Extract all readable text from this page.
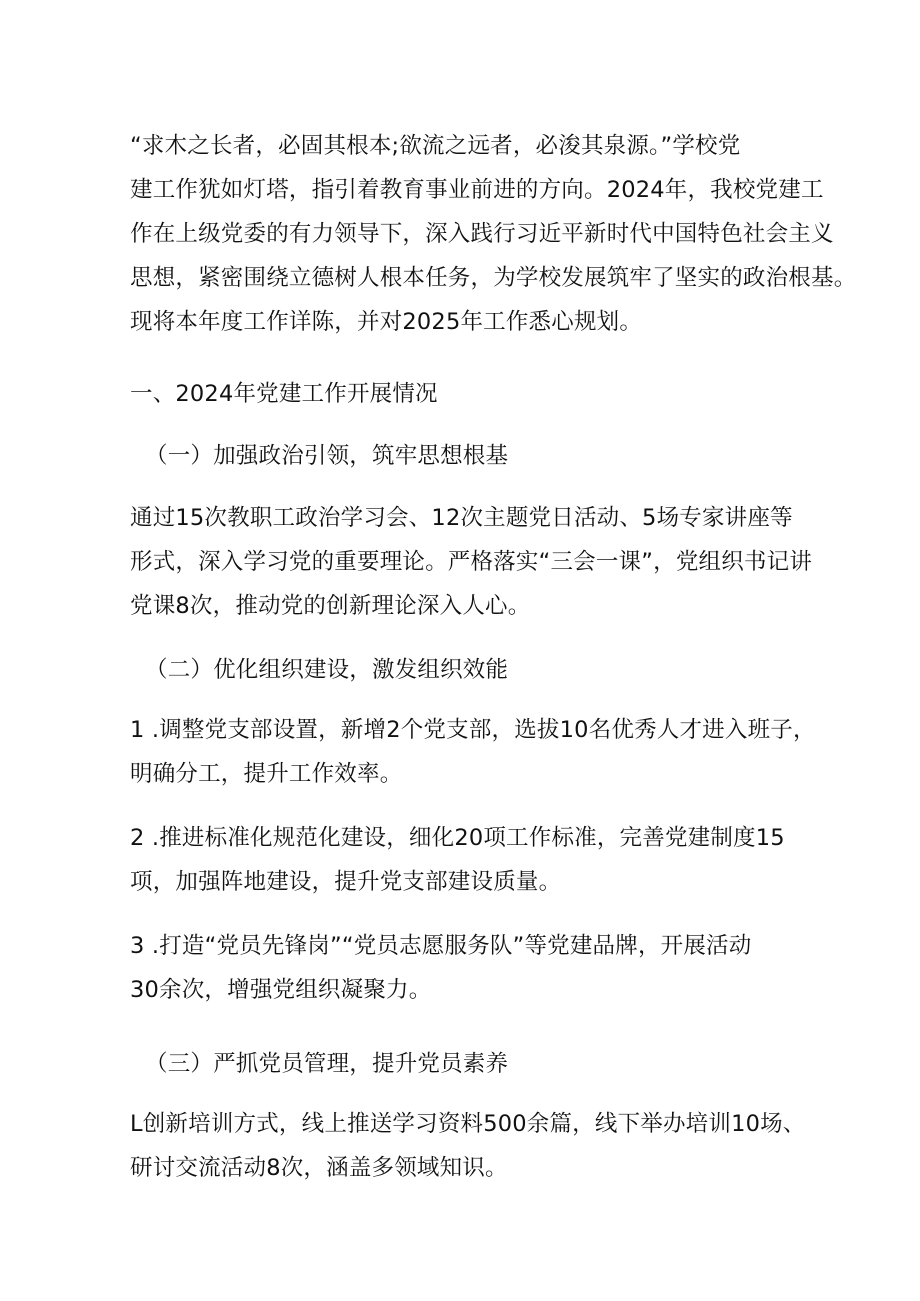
“求木之长者，必固其根本;欲流之远者，必浚其泉源。”学校党
建工作犹如灯塔，指引着教育事业前进的方向。2024年，我校党建工
作在上级党委的有力领导下，深入践行习近平新时代中国特色社会主义
思想，紧密围绕立德树人根本任务，为学校发展筑牢了坚实的政治根基。
现将本年度工作详陈，并对2025年工作悉心规划。
一、2024年党建工作开展情况
（一）加强政治引领，筑牢思想根基
通过15次教职工政治学习会、12次主题党日活动、5场专家讲座等
形式，深入学习党的重要理论。严格落实“三会一课”，党组织书记讲
党课8次，推动党的创新理论深入人心。
（二）优化组织建设，激发组织效能
1 .调整党支部设置，新增2个党支部，选拔10名优秀人才进入班子，
明确分工，提升工作效率。
2 .推进标准化规范化建设，细化20项工作标准，完善党建制度15
项，加强阵地建设，提升党支部建设质量。
3 .打造“党员先锋岗”“党员志愿服务队”等党建品牌，开展活动
30余次，增强党组织凝聚力。
（三）严抓党员管理，提升党员素养
L创新培训方式，线上推送学习资料500余篇，线下举办培训10场、
研讨交流活动8次，涵盖多领域知识。
